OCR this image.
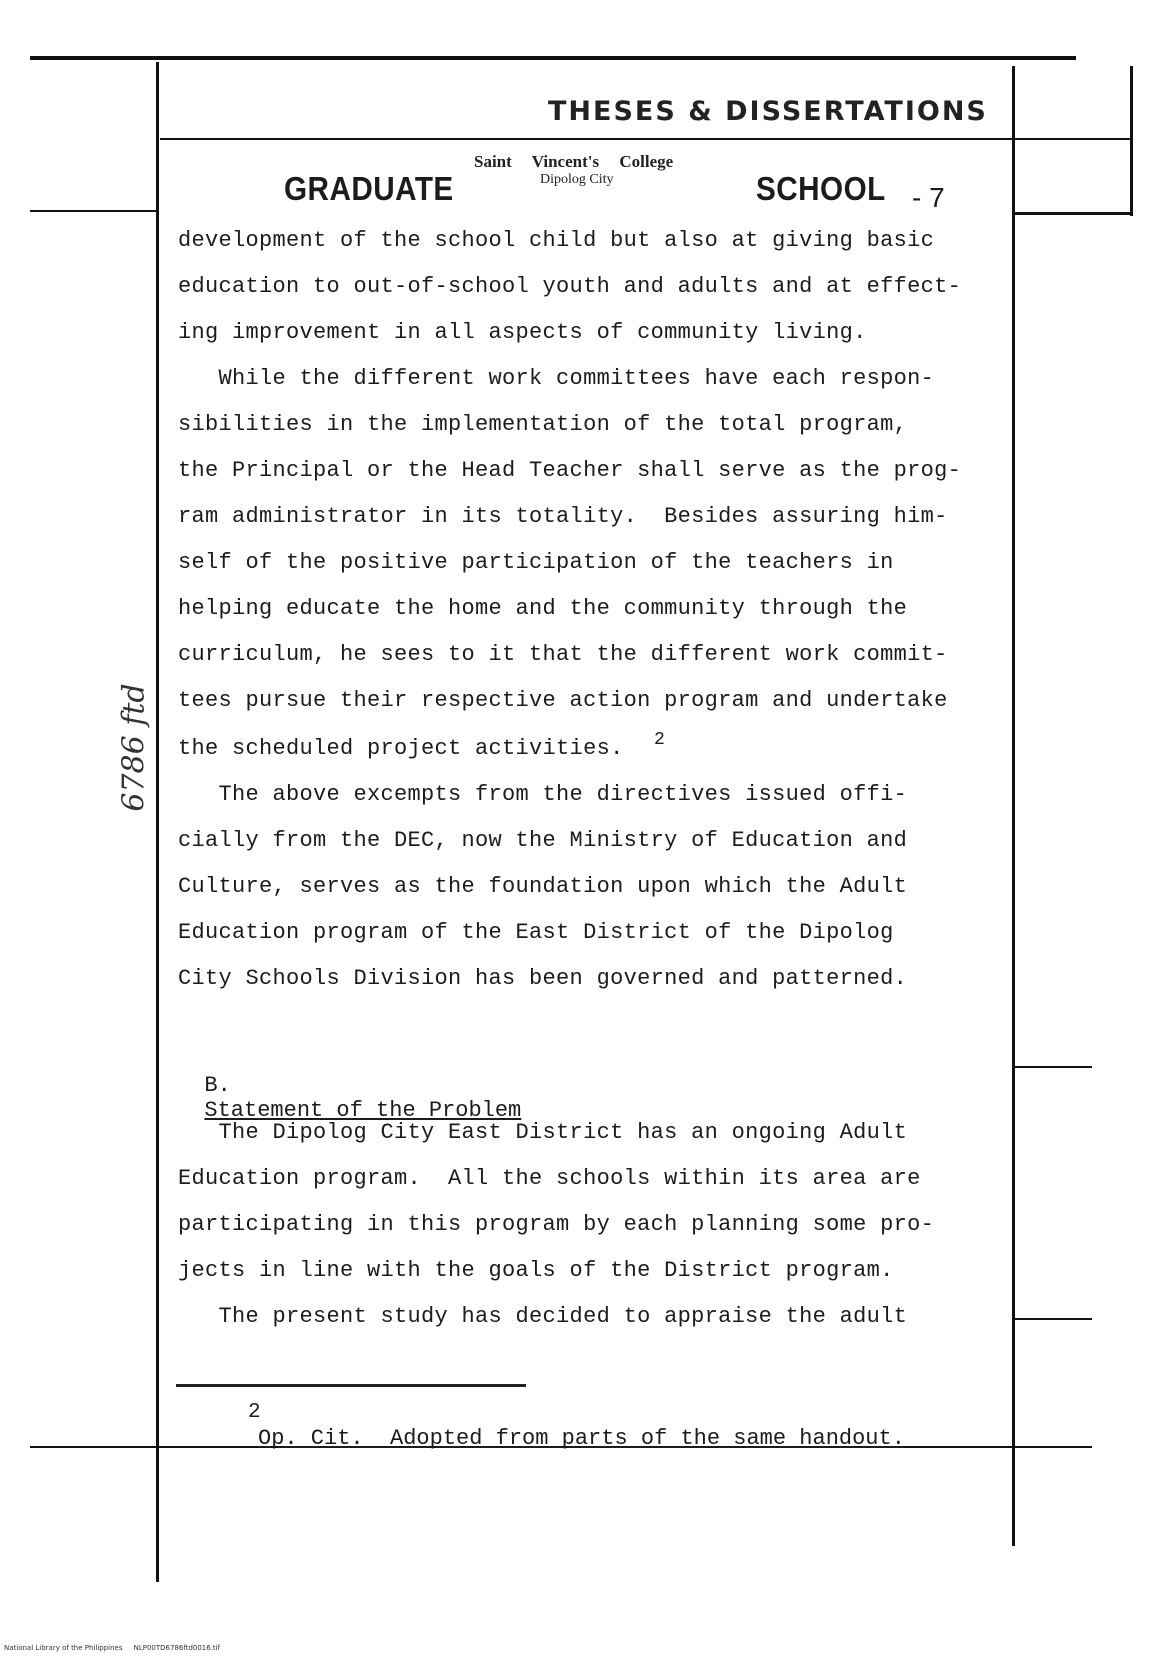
THESES & DISSERTATIONS
GRADUATE
Saint Vincent's College
Dipolog City	SCHOOL - 7
development of the school child but also at giving basic
education to out-of-school youth and adults and at effect-
ing improvement in all aspects of community living.
While the different work committees have each respon-
sibilities in the implementation of the total program,
the Principal or the Head Teacher shall serve as the prog-
ram administrator in its totality.  Besides assuring him-
self of the positive participation of the teachers in
helping educate the home and the community through the
curriculum, he sees to it that the different work commit-
tees pursue their respective action program and undertake
the scheduled project activities. 2
The above excempts from the directives issued offi-
cially from the DEC, now the Ministry of Education and
Culture, serves as the foundation upon which the Adult
Education program of the East District of the Dipolog
City Schools Division has been governed and patterned.

B.
Statement of the Problem

The Dipolog City East District has an ongoing Adult
Education program.  All the schools within its area are
participating in this program by each planning some pro-
jects in line with the goals of the District program.
The present study has decided to appraise the adult
2
Op. Cit.  Adopted from parts of the same handout.
6786 ftd
National Library of the Philippines     NLP00TD6786ftd0016.tif
